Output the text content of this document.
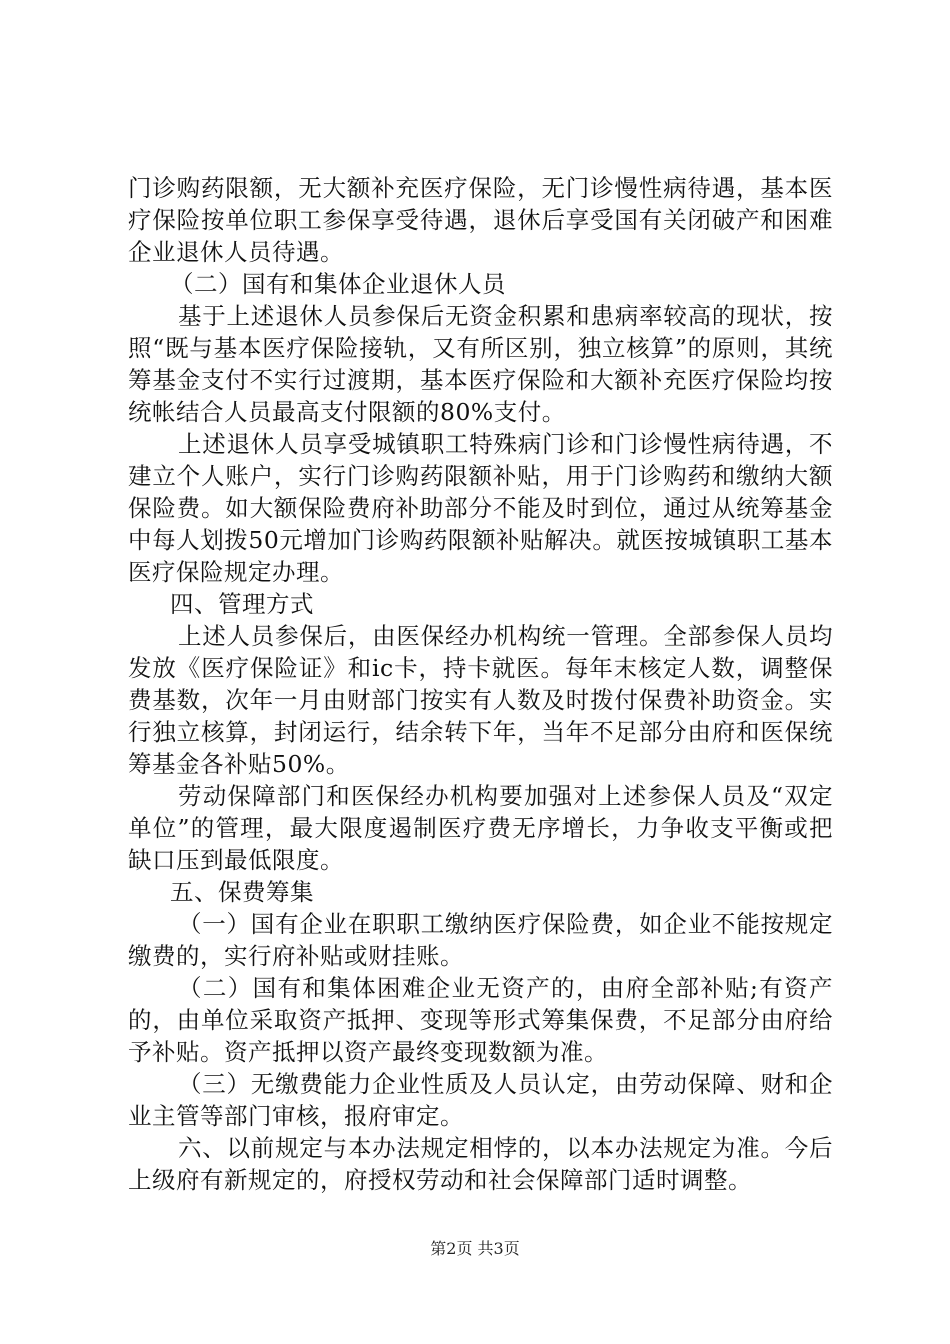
门诊购药限额，无大额补充医疗保险，无门诊慢性病待遇，基本医疗保险按单位职工参保享受待遇，退休后享受国有关闭破产和困难企业退休人员待遇。

（二）国有和集体企业退休人员

基于上述退休人员参保后无资金积累和患病率较高的现状，按照“既与基本医疗保险接轨，又有所区别，独立核算”的原则，其统筹基金支付不实行过渡期，基本医疗保险和大额补充医疗保险均按统帐结合人员最高支付限额的80%支付。

上述退休人员享受城镇职工特殊病门诊和门诊慢性病待遇，不建立个人账户，实行门诊购药限额补贴，用于门诊购药和缴纳大额保险费。如大额保险费府补助部分不能及时到位，通过从统筹基金中每人划拨50元增加门诊购药限额补贴解决。就医按城镇职工基本医疗保险规定办理。

四、管理方式

上述人员参保后，由医保经办机构统一管理。全部参保人员均发放《医疗保险证》和ic卡，持卡就医。每年末核定人数，调整保费基数，次年一月由财部门按实有人数及时拨付保费补助资金。实行独立核算，封闭运行，结余转下年，当年不足部分由府和医保统筹基金各补贴50%。

劳动保障部门和医保经办机构要加强对上述参保人员及“双定单位”的管理，最大限度遏制医疗费无序增长，力争收支平衡或把缺口压到最低限度。

五、保费筹集

（一）国有企业在职职工缴纳医疗保险费，如企业不能按规定缴费的，实行府补贴或财挂账。

（二）国有和集体困难企业无资产的，由府全部补贴;有资产的，由单位采取资产抵押、变现等形式筹集保费，不足部分由府给予补贴。资产抵押以资产最终变现数额为准。

（三）无缴费能力企业性质及人员认定，由劳动保障、财和企业主管等部门审核，报府审定。

六、以前规定与本办法规定相悖的，以本办法规定为准。今后上级府有新规定的，府授权劳动和社会保障部门适时调整。

第2页 共3页
